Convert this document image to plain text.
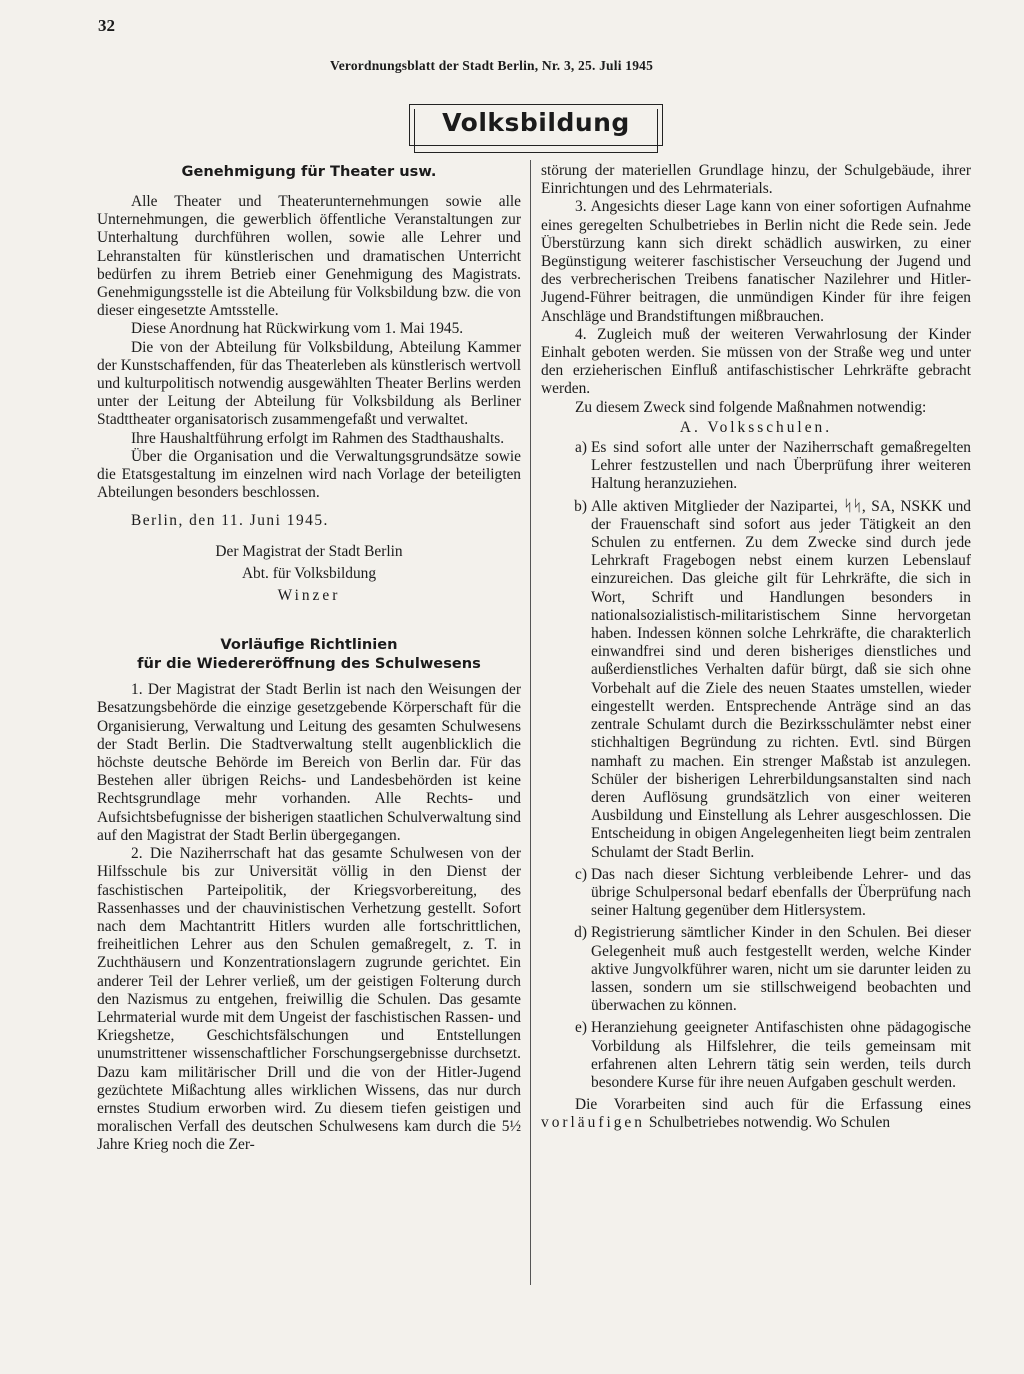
32
Verordnungsblatt der Stadt Berlin, Nr. 3, 25. Juli 1945
Volksbildung

Genehmigung für Theater usw.

Alle Theater und Theaterunternehmungen sowie alle Unternehmungen, die gewerblich öffentliche Veranstaltungen zur Unterhaltung durchführen wollen, sowie alle Lehrer und Lehranstalten für künstlerischen und dramatischen Unterricht bedürfen zu ihrem Betrieb einer Genehmigung des Magistrats. Genehmigungsstelle ist die Abteilung für Volksbildung bzw. die von dieser eingesetzte Amtsstelle.

Diese Anordnung hat Rückwirkung vom 1. Mai 1945.

Die von der Abteilung für Volksbildung, Abteilung Kammer der Kunstschaffenden, für das Theaterleben als künstlerisch wertvoll und kulturpolitisch notwendig ausgewählten Theater Berlins werden unter der Leitung der Abteilung für Volksbildung als Berliner Stadttheater organisatorisch zusammengefaßt und verwaltet.

Ihre Haushaltführung erfolgt im Rahmen des Stadthaushalts.

Über die Organisation und die Verwaltungsgrundsätze sowie die Etatsgestaltung im einzelnen wird nach Vorlage der beteiligten Abteilungen besonders beschlossen.

Berlin, den 11. Juni 1945.

Der Magistrat der Stadt Berlin

Abt. für Volksbildung

Winzer

Vorläufige Richtlinien

für die Wiedereröffnung des Schulwesens

1. Der Magistrat der Stadt Berlin ist nach den Weisungen der Besatzungsbehörde die einzige gesetzgebende Körperschaft für die Organisierung, Verwaltung und Leitung des gesamten Schulwesens der Stadt Berlin. Die Stadtverwaltung stellt augenblicklich die höchste deutsche Behörde im Bereich von Berlin dar. Für das Bestehen aller übrigen Reichs- und Landesbehörden ist keine Rechtsgrundlage mehr vorhanden. Alle Rechts- und Aufsichtsbefugnisse der bisherigen staatlichen Schulverwaltung sind auf den Magistrat der Stadt Berlin übergegangen.

2. Die Naziherrschaft hat das gesamte Schulwesen von der Hilfsschule bis zur Universität völlig in den Dienst der faschistischen Parteipolitik, der Kriegsvorbereitung, des Rassenhasses und der chauvinistischen Verhetzung gestellt. Sofort nach dem Machtantritt Hitlers wurden alle fortschrittlichen, freiheitlichen Lehrer aus den Schulen gemaßregelt, z. T. in Zuchthäusern und Konzentrationslagern zugrunde gerichtet. Ein anderer Teil der Lehrer verließ, um der geistigen Folterung durch den Nazismus zu entgehen, freiwillig die Schulen. Das gesamte Lehrmaterial wurde mit dem Ungeist der faschistischen Rassen- und Kriegshetze, Geschichtsfälschungen und Entstellungen unumstrittener wissenschaftlicher Forschungsergebnisse durchsetzt. Dazu kam militärischer Drill und die von der Hitler-Jugend gezüchtete Mißachtung alles wirklichen Wissens, das nur durch ernstes Studium erworben wird. Zu diesem tiefen geistigen und moralischen Verfall des deutschen Schulwesens kam durch die 5½ Jahre Krieg noch die Zer-

störung der materiellen Grundlage hinzu, der Schulgebäude, ihrer Einrichtungen und des Lehrmaterials.

3. Angesichts dieser Lage kann von einer sofortigen Aufnahme eines geregelten Schulbetriebes in Berlin nicht die Rede sein. Jede Überstürzung kann sich direkt schädlich auswirken, zu einer Begünstigung weiterer faschistischer Verseuchung der Jugend und des verbrecherischen Treibens fanatischer Nazilehrer und Hitler-Jugend-Führer beitragen, die unmündigen Kinder für ihre feigen Anschläge und Brandstiftungen mißbrauchen.

4. Zugleich muß der weiteren Verwahrlosung der Kinder Einhalt geboten werden. Sie müssen von der Straße weg und unter den erzieherischen Einfluß antifaschistischer Lehrkräfte gebracht werden.

Zu diesem Zweck sind folgende Maßnahmen notwendig:

A. Volksschulen.

a) Es sind sofort alle unter der Naziherrschaft gemaßregelten Lehrer festzustellen und nach Überprüfung ihrer weiteren Haltung heranzuziehen.
b) Alle aktiven Mitglieder der Nazipartei, ᛋᛋ, SA, NSKK und der Frauenschaft sind sofort aus jeder Tätigkeit an den Schulen zu entfernen. Zu dem Zwecke sind durch jede Lehrkraft Fragebogen nebst einem kurzen Lebenslauf einzureichen. Das gleiche gilt für Lehrkräfte, die sich in Wort, Schrift und Handlungen besonders in nationalsozialistisch-militaristischem Sinne hervorgetan haben. Indessen können solche Lehrkräfte, die charakterlich einwandfrei sind und deren bisheriges dienstliches und außerdienstliches Verhalten dafür bürgt, daß sie sich ohne Vorbehalt auf die Ziele des neuen Staates umstellen, wieder eingestellt werden. Entsprechende Anträge sind an das zentrale Schulamt durch die Bezirksschulämter nebst einer stichhaltigen Begründung zu richten. Evtl. sind Bürgen namhaft zu machen. Ein strenger Maßstab ist anzulegen. Schüler der bisherigen Lehrerbildungsanstalten sind nach deren Auflösung grundsätzlich von einer weiteren Ausbildung und Einstellung als Lehrer ausgeschlossen. Die Entscheidung in obigen Angelegenheiten liegt beim zentralen Schulamt der Stadt Berlin.
c) Das nach dieser Sichtung verbleibende Lehrer- und das übrige Schulpersonal bedarf ebenfalls der Überprüfung nach seiner Haltung gegenüber dem Hitlersystem.
d) Registrierung sämtlicher Kinder in den Schulen. Bei dieser Gelegenheit muß auch festgestellt werden, welche Kinder aktive Jungvolkführer waren, nicht um sie darunter leiden zu lassen, sondern um sie stillschweigend beobachten und überwachen zu können.
e) Heranziehung geeigneter Antifaschisten ohne pädagogische Vorbildung als Hilfslehrer, die teils gemeinsam mit erfahrenen alten Lehrern tätig sein werden, teils durch besondere Kurse für ihre neuen Aufgaben geschult werden.

Die Vorarbeiten sind auch für die Erfassung eines vorläufigen Schulbetriebes notwendig. Wo Schulen
